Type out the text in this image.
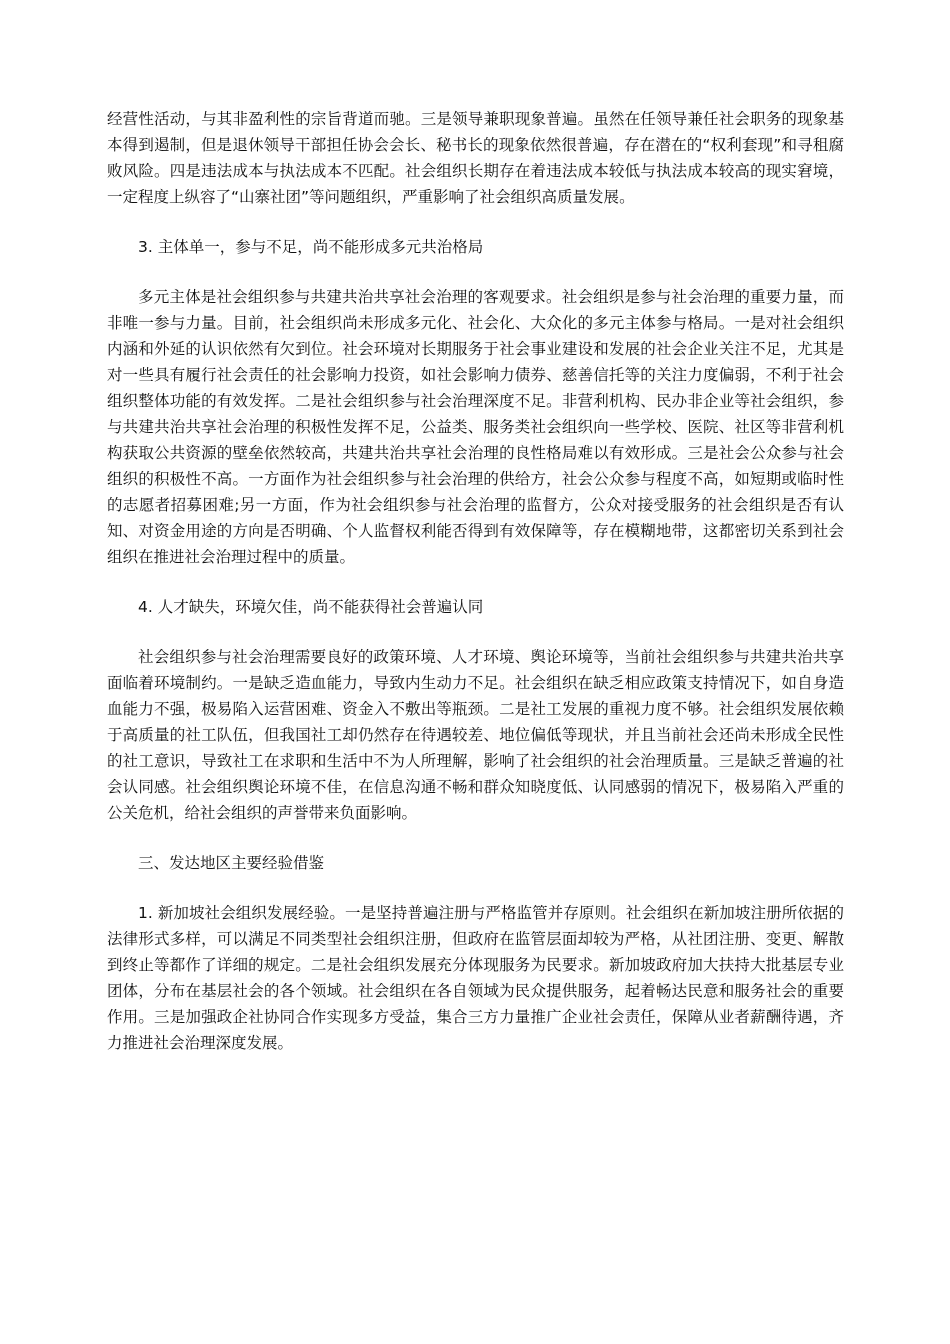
经营性活动，与其非盈利性的宗旨背道而驰。三是领导兼职现象普遍。虽然在任领导兼任社会职务的现象基本得到遏制，但是退休领导干部担任协会会长、秘书长的现象依然很普遍，存在潜在的“权利套现”和寻租腐败风险。四是违法成本与执法成本不匹配。社会组织长期存在着违法成本较低与执法成本较高的现实窘境，一定程度上纵容了“山寨社团”等问题组织，严重影响了社会组织高质量发展。

3. 主体单一，参与不足，尚不能形成多元共治格局

多元主体是社会组织参与共建共治共享社会治理的客观要求。社会组织是参与社会治理的重要力量，而非唯一参与力量。目前，社会组织尚未形成多元化、社会化、大众化的多元主体参与格局。一是对社会组织内涵和外延的认识依然有欠到位。社会环境对长期服务于社会事业建设和发展的社会企业关注不足，尤其是对一些具有履行社会责任的社会影响力投资，如社会影响力债券、慈善信托等的关注力度偏弱，不利于社会组织整体功能的有效发挥。二是社会组织参与社会治理深度不足。非营利机构、民办非企业等社会组织，参与共建共治共享社会治理的积极性发挥不足，公益类、服务类社会组织向一些学校、医院、社区等非营利机构获取公共资源的壁垒依然较高，共建共治共享社会治理的良性格局难以有效形成。三是社会公众参与社会组织的积极性不高。一方面作为社会组织参与社会治理的供给方，社会公众参与程度不高，如短期或临时性的志愿者招募困难;另一方面，作为社会组织参与社会治理的监督方，公众对接受服务的社会组织是否有认知、对资金用途的方向是否明确、个人监督权利能否得到有效保障等，存在模糊地带，这都密切关系到社会组织在推进社会治理过程中的质量。

4. 人才缺失，环境欠佳，尚不能获得社会普遍认同

社会组织参与社会治理需要良好的政策环境、人才环境、舆论环境等，当前社会组织参与共建共治共享面临着环境制约。一是缺乏造血能力，导致内生动力不足。社会组织在缺乏相应政策支持情况下，如自身造血能力不强，极易陷入运营困难、资金入不敷出等瓶颈。二是社工发展的重视力度不够。社会组织发展依赖于高质量的社工队伍，但我国社工却仍然存在待遇较差、地位偏低等现状，并且当前社会还尚未形成全民性的社工意识，导致社工在求职和生活中不为人所理解，影响了社会组织的社会治理质量。三是缺乏普遍的社会认同感。社会组织舆论环境不佳，在信息沟通不畅和群众知晓度低、认同感弱的情况下，极易陷入严重的公关危机，给社会组织的声誉带来负面影响。

三、发达地区主要经验借鉴

1. 新加坡社会组织发展经验。一是坚持普遍注册与严格监管并存原则。社会组织在新加坡注册所依据的法律形式多样，可以满足不同类型社会组织注册，但政府在监管层面却较为严格，从社团注册、变更、解散到终止等都作了详细的规定。二是社会组织发展充分体现服务为民要求。新加坡政府加大扶持大批基层专业团体，分布在基层社会的各个领域。社会组织在各自领域为民众提供服务，起着畅达民意和服务社会的重要作用。三是加强政企社协同合作实现多方受益，集合三方力量推广企业社会责任，保障从业者薪酬待遇，齐力推进社会治理深度发展。
